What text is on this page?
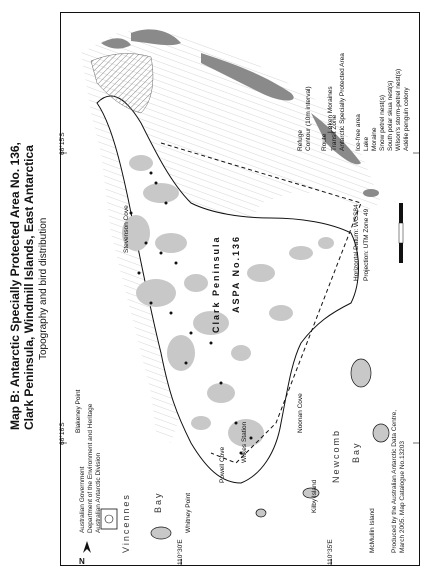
Map B: Antarctic Specially Protected Area No. 136, Clark Peninsula, Windmill Islands, East Antarctica Topography and bird distribution
Refuge Contour (10m interval) Route Transit Zone Antarctic Specially Protected Area Ice-free area Lake Moraine Snow petrel nest(s) South polar skua nest(s) Wilson's storm-petrel nest(s) Adélie penguin colony
Horizontal Datum: WGS84 Projection: UTM Zone 49
Clark Peninsula ASPA No.136
Løken Moraines
Stevenson Cove
Blakeney Point
Whitney Point
Powell Cove
Wilkes Station
Noonan Cove
Kilby Island
McMullin Island
Vincennes Bay
Newcomb Bay
66°15'S
66°16'S
110°30'E	110°35'E
N
Australian Government Department of the Environment and Heritage Australian Antarctic Division	Produced by the Australian Antarctic Data Centre, March 2005. Map Catalogue No.13203
